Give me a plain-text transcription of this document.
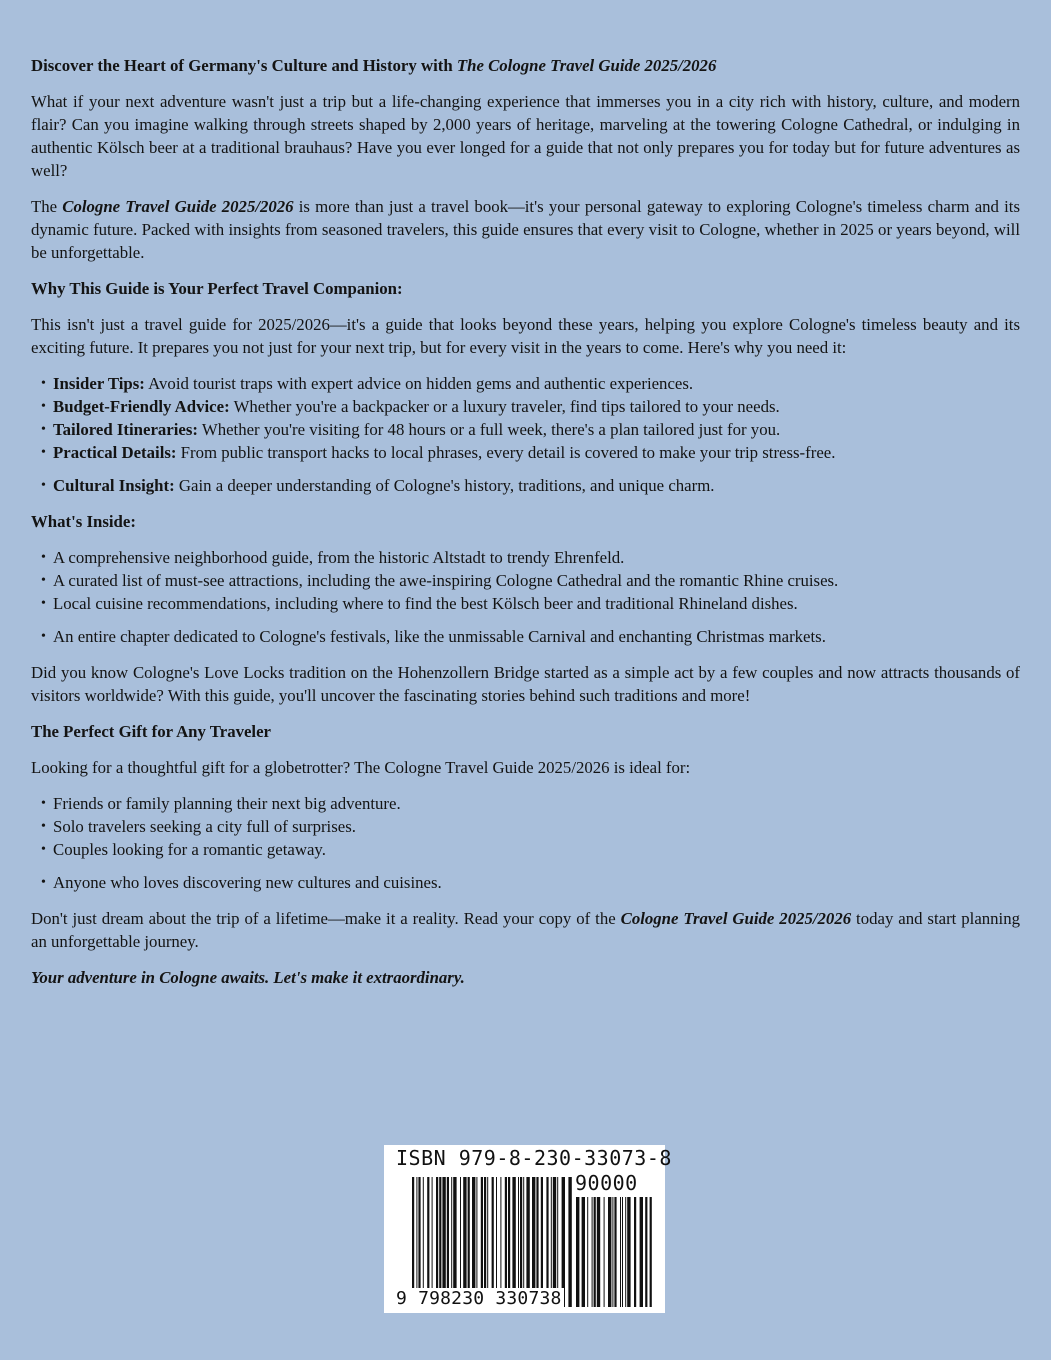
Discover the Heart of Germany's Culture and History with The Cologne Travel Guide 2025/2026

What if your next adventure wasn't just a trip but a life-changing experience that immerses you in a city rich with history, culture, and modern flair? Can you imagine walking through streets shaped by 2,000 years of heritage, marveling at the towering Cologne Cathedral, or indulging in authentic Kölsch beer at a traditional brauhaus? Have you ever longed for a guide that not only prepares you for today but for future adventures as well?

The Cologne Travel Guide 2025/2026 is more than just a travel book—it's your personal gateway to exploring Cologne's timeless charm and its dynamic future. Packed with insights from seasoned travelers, this guide ensures that every visit to Cologne, whether in 2025 or years beyond, will be unforgettable.

Why This Guide is Your Perfect Travel Companion:

This isn't just a travel guide for 2025/2026—it's a guide that looks beyond these years, helping you explore Cologne's timeless beauty and its exciting future. It prepares you not just for your next trip, but for every visit in the years to come. Here's why you need it:

• Insider Tips: Avoid tourist traps with expert advice on hidden gems and authentic experiences.
• Budget-Friendly Advice: Whether you're a backpacker or a luxury traveler, find tips tailored to your needs.
• Tailored Itineraries: Whether you're visiting for 48 hours or a full week, there's a plan tailored just for you.
• Practical Details: From public transport hacks to local phrases, every detail is covered to make your trip stress-free.
• Cultural Insight: Gain a deeper understanding of Cologne's history, traditions, and unique charm.

What's Inside:

• A comprehensive neighborhood guide, from the historic Altstadt to trendy Ehrenfeld.
• A curated list of must-see attractions, including the awe-inspiring Cologne Cathedral and the romantic Rhine cruises.
• Local cuisine recommendations, including where to find the best Kölsch beer and traditional Rhineland dishes.
• An entire chapter dedicated to Cologne's festivals, like the unmissable Carnival and enchanting Christmas markets.

Did you know Cologne's Love Locks tradition on the Hohenzollern Bridge started as a simple act by a few couples and now attracts thousands of visitors worldwide? With this guide, you'll uncover the fascinating stories behind such traditions and more!

The Perfect Gift for Any Traveler

Looking for a thoughtful gift for a globetrotter? The Cologne Travel Guide 2025/2026 is ideal for:

• Friends or family planning their next big adventure.
• Solo travelers seeking a city full of surprises.
• Couples looking for a romantic getaway.
• Anyone who loves discovering new cultures and cuisines.

Don't just dream about the trip of a lifetime—make it a reality. Read your copy of the Cologne Travel Guide 2025/2026 today and start planning an unforgettable journey.

Your adventure in Cologne awaits. Let's make it extraordinary.

ISBN 979-8-230-33073-8
90000
9 798230 330738
